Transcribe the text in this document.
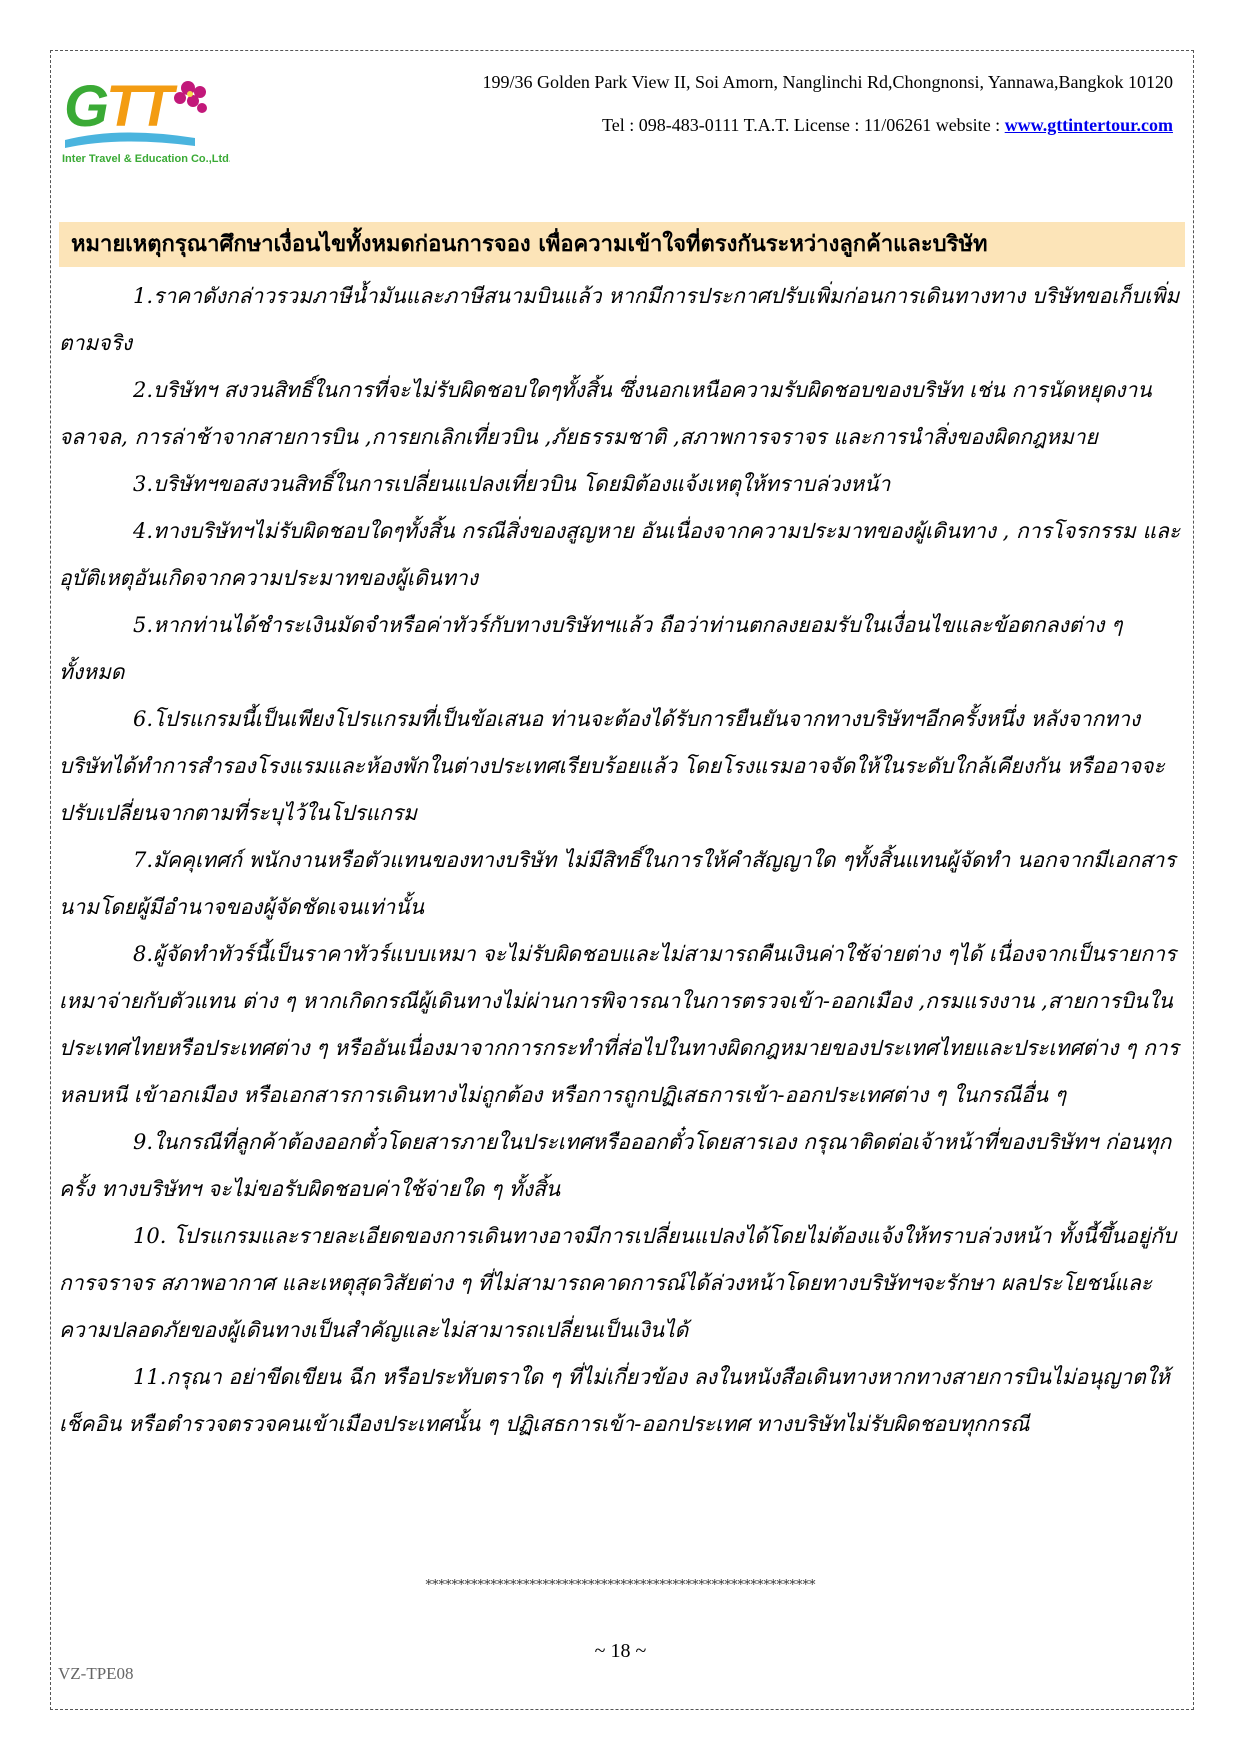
G
T
T
Inter Travel & Education Co.,Ltd.
199/36 Golden Park View II, Soi Amorn, Nanglinchi Rd,Chongnonsi, Yannawa,Bangkok 10120
Tel : 098-483-0111 T.A.T. License : 11/06261 website : www.gttintertour.com
หมายเหตุกรุณาศึกษาเงื่อนไขทั้งหมดก่อนการจอง เพื่อความเข้าใจที่ตรงกันระหว่างลูกค้าและบริษัท

1.ราคาดังกล่าวรวมภาษีน้ำมันและภาษีสนามบินแล้ว หากมีการประกาศปรับเพิ่มก่อนการเดินทางทาง บริษัทขอเก็บเพิ่มตามจริง

2.บริษัทฯ สงวนสิทธิ์ในการที่จะไม่รับผิดชอบใดๆทั้งสิ้น ซึ่งนอกเหนือความรับผิดชอบของบริษัท เช่น การนัดหยุดงานจลาจล, การล่าช้าจากสายการบิน ,การยกเลิกเที่ยวบิน ,ภัยธรรมชาติ ,สภาพการจราจร และการนำสิ่งของผิดกฎหมาย

3.บริษัทฯขอสงวนสิทธิ์ในการเปลี่ยนแปลงเที่ยวบิน โดยมิต้องแจ้งเหตุให้ทราบล่วงหน้า

4.ทางบริษัทฯไม่รับผิดชอบใดๆทั้งสิ้น กรณีสิ่งของสูญหาย อันเนื่องจากความประมาทของผู้เดินทาง , การโจรกรรม และอุบัติเหตุอันเกิดจากความประมาทของผู้เดินทาง

5.หากท่านได้ชำระเงินมัดจำหรือค่าทัวร์กับทางบริษัทฯแล้ว ถือว่าท่านตกลงยอมรับในเงื่อนไขและข้อตกลงต่าง ๆทั้งหมด

6.โปรแกรมนี้เป็นเพียงโปรแกรมที่เป็นข้อเสนอ ท่านจะต้องได้รับการยืนยันจากทางบริษัทฯอีกครั้งหนึ่ง หลังจากทางบริษัทได้ทำการสำรองโรงแรมและห้องพักในต่างประเทศเรียบร้อยแล้ว โดยโรงแรมอาจจัดให้ในระดับใกล้เคียงกัน หรืออาจจะปรับเปลี่ยนจากตามที่ระบุไว้ในโปรแกรม

7.มัคคุเทศก์ พนักงานหรือตัวแทนของทางบริษัท ไม่มีสิทธิ์ในการให้คำสัญญาใด ๆทั้งสิ้นแทนผู้จัดทำ นอกจากมีเอกสารนามโดยผู้มีอำนาจของผู้จัดชัดเจนเท่านั้น

8.ผู้จัดทำทัวร์นี้เป็นราคาทัวร์แบบเหมา จะไม่รับผิดชอบและไม่สามารถคืนเงินค่าใช้จ่ายต่าง ๆได้ เนื่องจากเป็นรายการเหมาจ่ายกับตัวแทน ต่าง ๆ หากเกิดกรณีผู้เดินทางไม่ผ่านการพิจารณาในการตรวจเข้า-ออกเมือง ,กรมแรงงาน ,สายการบินใน ประเทศไทยหรือประเทศต่าง ๆ หรืออันเนื่องมาจากการกระทำที่ส่อไปในทางผิดกฎหมายของประเทศไทยและประเทศต่าง ๆ การหลบหนี เข้าอกเมือง หรือเอกสารการเดินทางไม่ถูกต้อง หรือการถูกปฏิเสธการเข้า-ออกประเทศต่าง ๆ ในกรณีอื่น ๆ

9.ในกรณีที่ลูกค้าต้องออกตั๋วโดยสารภายในประเทศหรือออกตั๋วโดยสารเอง กรุณาติดต่อเจ้าหน้าที่ของบริษัทฯ ก่อนทุกครั้ง ทางบริษัทฯ จะไม่ขอรับผิดชอบค่าใช้จ่ายใด ๆ ทั้งสิ้น

10. โปรแกรมและรายละเอียดของการเดินทางอาจมีการเปลี่ยนแปลงได้โดยไม่ต้องแจ้งให้ทราบล่วงหน้า ทั้งนี้ขึ้นอยู่กับ การจราจร สภาพอากาศ และเหตุสุดวิสัยต่าง ๆ ที่ไม่สามารถคาดการณ์ได้ล่วงหน้าโดยทางบริษัทฯจะรักษา ผลประโยชน์และความปลอดภัยของผู้เดินทางเป็นสำคัญและไม่สามารถเปลี่ยนเป็นเงินได้

11.กรุณา อย่าขีดเขียน ฉีก หรือประทับตราใด ๆ ที่ไม่เกี่ยวข้อง ลงในหนังสือเดินทางหากทางสายการบินไม่อนุญาตให้ เช็คอิน หรือตำรวจตรวจคนเข้าเมืองประเทศนั้น ๆ ปฏิเสธการเข้า-ออกประเทศ ทางบริษัทไม่รับผิดชอบทุกกรณี

************************************************************
~ 18 ~
VZ-TPE08
